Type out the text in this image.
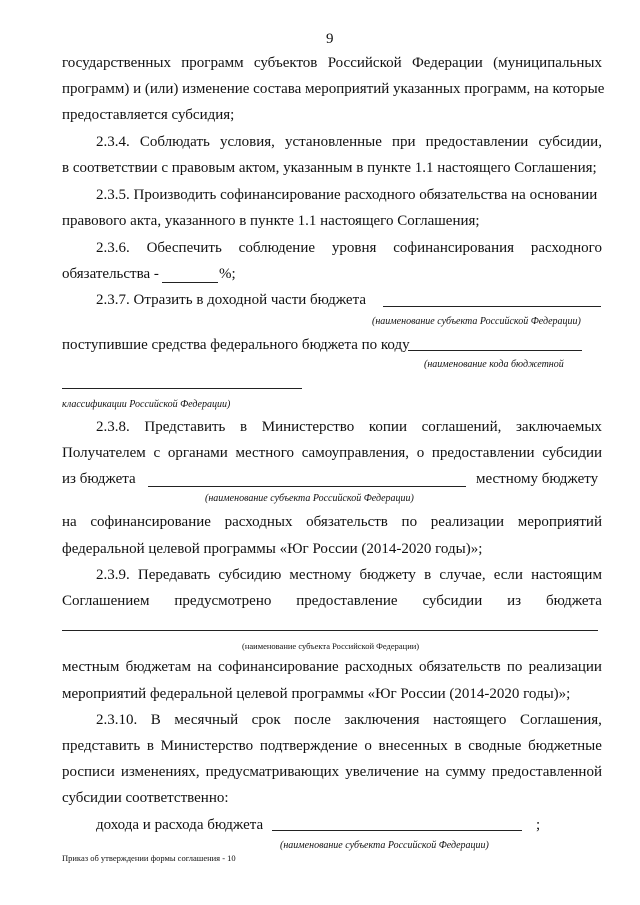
9
государственных программ субъектов Российской Федерации (муниципальных
программ) и (или) изменение состава мероприятий указанных программ, на которые
предоставляется субсидия;
2.3.4. Соблюдать условия, установленные при предоставлении субсидии,
в соответствии с правовым актом, указанным в пункте 1.1 настоящего Соглашения;
2.3.5. Производить софинансирование расходного обязательства на основании
правового акта, указанного в пункте 1.1 настоящего Соглашения;
2.3.6. Обеспечить соблюдение уровня софинансирования расходного
обязательства -	%;
2.3.7. Отразить в доходной части бюджета
(наименование субъекта Российской Федерации)
поступившие средства федерального бюджета по коду
(наименование кода бюджетной
классификации Российской Федерации)
2.3.8. Представить в Министерство копии соглашений, заключаемых
Получателем с органами местного самоуправления, о предоставлении субсидии
из бюджета	местному бюджету
(наименование субъекта Российской Федерации)
на софинансирование расходных обязательств по реализации мероприятий
федеральной целевой программы «Юг России (2014-2020 годы)»;
2.3.9. Передавать субсидию местному бюджету в случае, если настоящим
Соглашением предусмотрено предоставление субсидии из бюджета
(наименование субъекта Российской Федерации)
местным бюджетам на софинансирование расходных обязательств по реализации
мероприятий федеральной целевой программы «Юг России (2014-2020 годы)»;
2.3.10. В месячный срок после заключения настоящего Соглашения,
представить в Министерство подтверждение о внесенных в сводные бюджетные
росписи изменениях, предусматривающих увеличение на сумму предоставленной
субсидии соответственно:
дохода и расхода бюджета	;
(наименование субъекта Российской Федерации)
Приказ об утверждении формы соглашения - 10
